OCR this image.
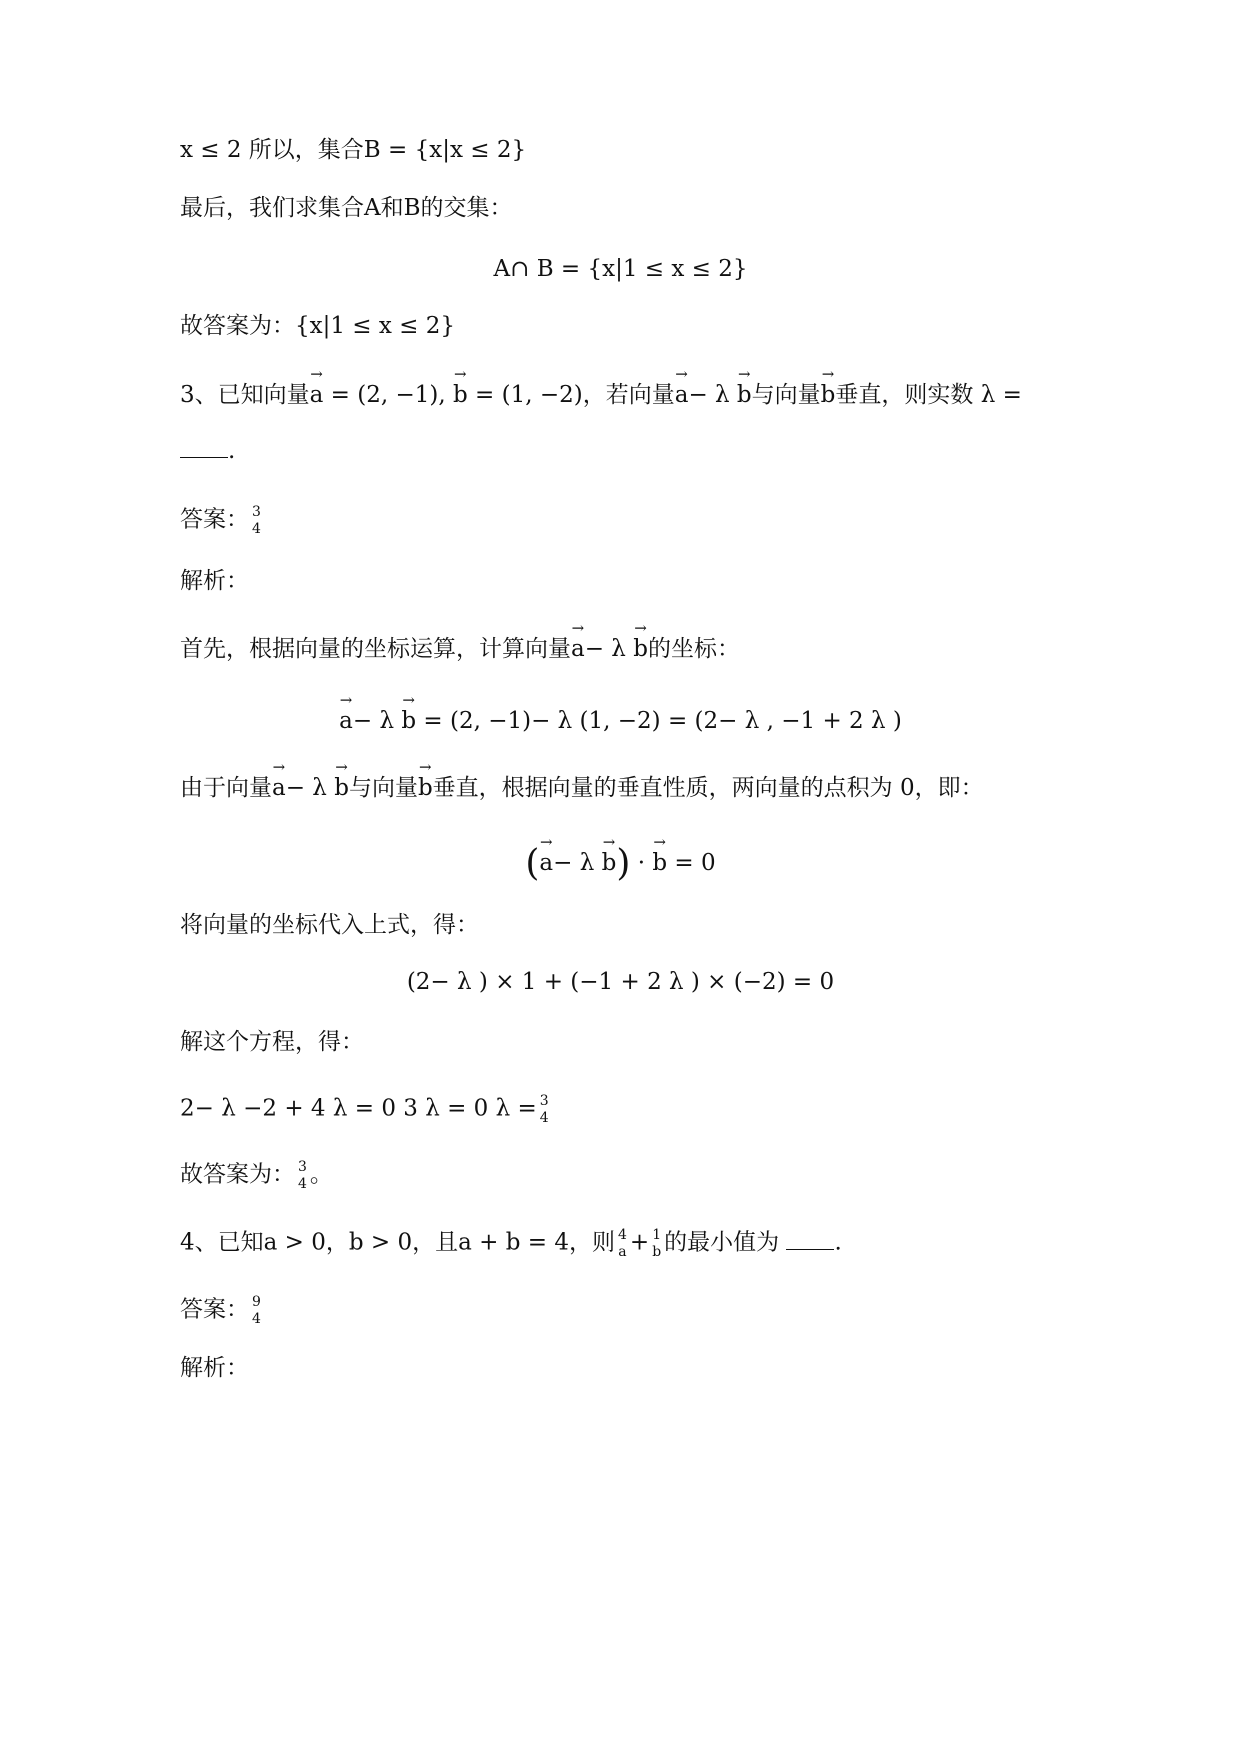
x ≤ 2 所以，集合B = {x|x ≤ 2}
最后，我们求集合A和B的交集：
A∩ B = {x|1 ≤ x ≤ 2}
故答案为：{x|1 ≤ x ≤ 2}
3、已知向量→ a = (2, −1), → b = (1, −2)，若向量→ a− λ → b与向量→ b垂直，则实数 λ =
.
答案： 3
4
解析：
首先，根据向量的坐标运算，计算向量→ a− λ → b的坐标：
→ a− λ → b = (2, −1)− λ (1, −2) = (2− λ , −1 + 2 λ )
由于向量→ a− λ → b与向量→ b垂直，根据向量的垂直性质，两向量的点积为 0，即：
(→ a− λ → b) · → b = 0
将向量的坐标代入上式，得：
(2− λ ) × 1 + (−1 + 2 λ ) × (−2) = 0
解这个方程，得：
2− λ −2 + 4 λ = 0 3 λ = 0 λ = 3
4
故答案为： 3
4 。
4、已知a > 0，b > 0，且a + b = 4，则 4
a + 1
b 的最小值为 .
答案： 9
4
解析：
